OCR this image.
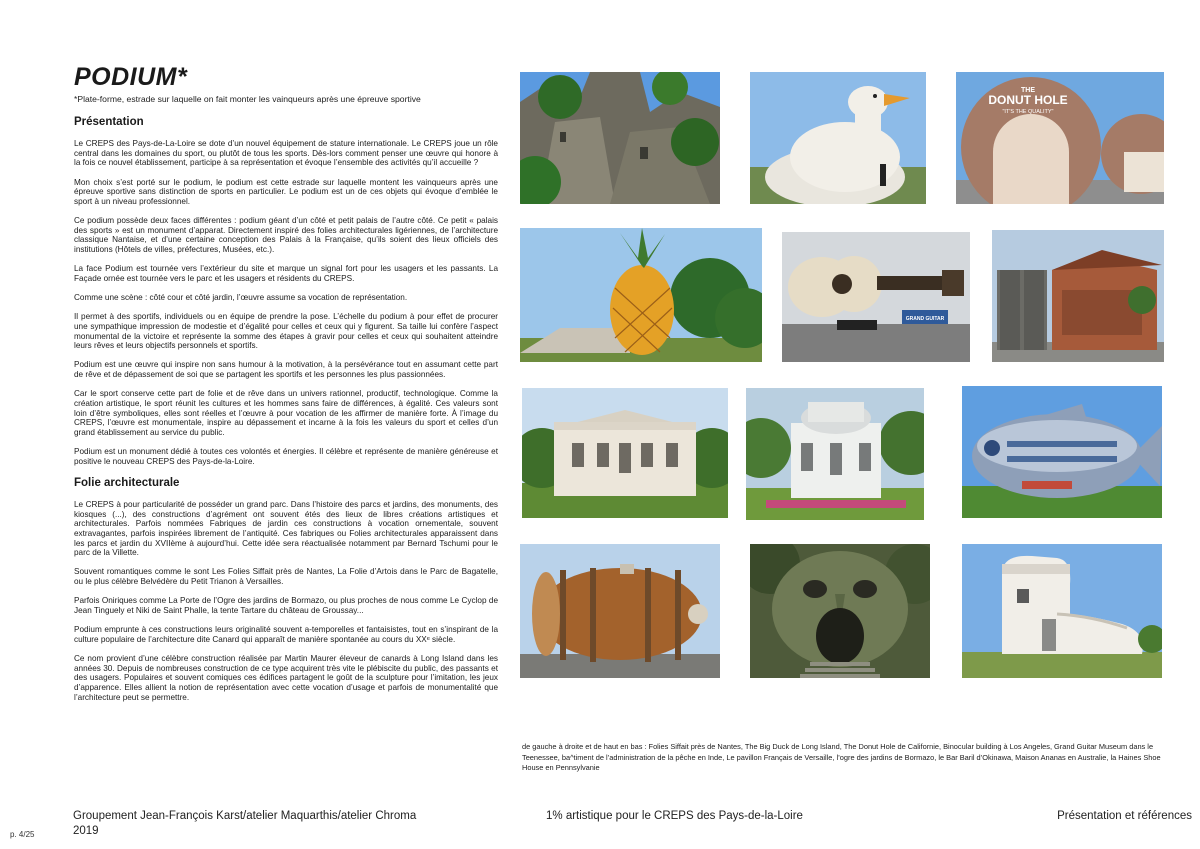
PODIUM*

*Plate-forme, estrade sur laquelle on fait monter les vainqueurs après une épreuve sportive

Présentation

Le CREPS des Pays-de-La-Loire se dote d’un nouvel équipement de stature internationale. Le CREPS joue un rôle central dans les domaines du sport, ou plutôt de tous les sports. Dès-lors comment penser une œuvre qui honore à la fois ce nouvel établissement, participe à sa représentation et évoque l’ensemble des activités qu’il accueille ?

Mon choix s’est porté sur le podium, le podium est cette estrade sur laquelle montent les vainqueurs après une épreuve sportive sans distinction de sports en particulier. Le podium est un de ces objets qui évoque d’emblée le sport à un niveau professionnel.

Ce podium possède deux faces différentes : podium géant d’un côté et petit palais de l’autre côté. Ce petit « palais des sports » est un monument d’apparat. Directement inspiré des folies architecturales ligériennes, de l’architecture classique Nantaise, et d’une certaine conception des Palais à la Française, qu’ils soient des lieux officiels des institutions (Hôtels de villes, préfectures, Musées, etc.).

La face Podium est tournée vers l’extérieur du site et marque un signal fort pour les usagers et les passants. La Façade ornée est tournée vers le parc et les usagers et résidents du CREPS.

Comme une scène : côté cour et côté jardin, l’œuvre assume sa vocation de représentation.

Il permet à des sportifs, individuels ou en équipe de prendre la pose. L’échelle du podium à pour effet de procurer une sympathique impression de modestie et d’égalité pour celles et ceux qui y figurent. Sa taille lui confère l’aspect monumental de la victoire et représente la somme des étapes à gravir pour celles et ceux qui souhaitent atteindre leurs rêves et leurs objectifs personnels et sportifs.

Podium est une œuvre qui inspire non sans humour à la motivation, à la persévérance tout en assumant cette part de rêve et de dépassement de soi que se partagent les sportifs et les personnes les plus passionnées.

Car le sport conserve cette part de folie et de rêve dans un univers rationnel, productif, technologique. Comme la création artistique, le sport réunit les cultures et les hommes sans faire de différences, à égalité. Ces valeurs sont loin d’être symboliques, elles sont réelles et l’œuvre à pour vocation de les affirmer de manière forte. À l’image du CREPS, l’œuvre est monumentale, inspire au dépassement et incarne à la fois les valeurs du sport et celles d’un grand établissement au service du public.

Podium est un monument dédié à toutes ces volontés et énergies. Il célèbre et représente de manière généreuse et positive le nouveau CREPS des Pays-de-la-Loire.

Folie architecturale

Le CREPS à pour particularité de posséder un grand parc. Dans l’histoire des parcs et jardins, des monuments, des kiosques (...), des constructions d’agrément ont souvent étés des lieux de libres créations artistiques et architecturales. Parfois nommées Fabriques de jardin ces constructions à vocation ornementale, souvent extravagantes, parfois inspirées librement de l’antiquité. Ces fabriques ou Folies architecturales apparaissent dans les parcs et jardin du XVIIème à aujourd’hui. Cette idée sera réactualisée notamment par Bernard Tschumi pour le parc de la Villette.

Souvent romantiques comme le sont Les Folies Siffait près de Nantes, La Folie d’Artois dans le Parc de Bagatelle, ou le plus célèbre Belvédère du Petit Trianon à Versailles.

Parfois Oniriques comme La Porte de l’Ogre des jardins de Bormazo, ou plus proches de nous comme Le Cyclop de Jean Tinguely et Niki de Saint Phalle, la tente Tartare du château de Groussay...

Podium emprunte à ces constructions leurs originalité souvent a-temporelles et fantaisistes, tout en s’inspirant de la culture populaire de l’architecture dite Canard qui apparaît de manière spontanée au cours du XXᵉ siècle.

Ce nom provient d’une célèbre construction réalisée par Martin Maurer éleveur de canards à Long Island dans les années 30. Depuis de nombreuses construction de ce type acquirent très vite le plébiscite du public, des passants et des usagers. Populaires et souvent comiques ces édifices partagent le goût de la sculpture pour l’imitation, les jeux d’apparence. Elles allient la notion de représentation avec cette vocation d’usage et parfois de monumentalité que l’architecture peut se permettre.

THE
DONUT HOLE
"IT'S THE QUALITY"
GRAND GUITAR

de gauche à droite et de haut en bas : Folies Siffait près de Nantes, The Big Duck de Long Island, The Donut Hole de Californie, Binocular building à Los Angeles, Grand Guitar Museum dans le Teenessee, ba^timent de l’administration de la pêche en Inde, Le pavillon Français de Versaille, l’ogre des jardins de Bormazo, le Bar Baril d’Okinawa, Maison Ananas en Australie, la Haines Shoe House en Pennsylvanie

Groupement Jean-François Karst/atelier Maquarthis/atelier Chroma
2019

1% artistique pour le CREPS des Pays-de-la-Loire	Présentation et références

p. 4/25
